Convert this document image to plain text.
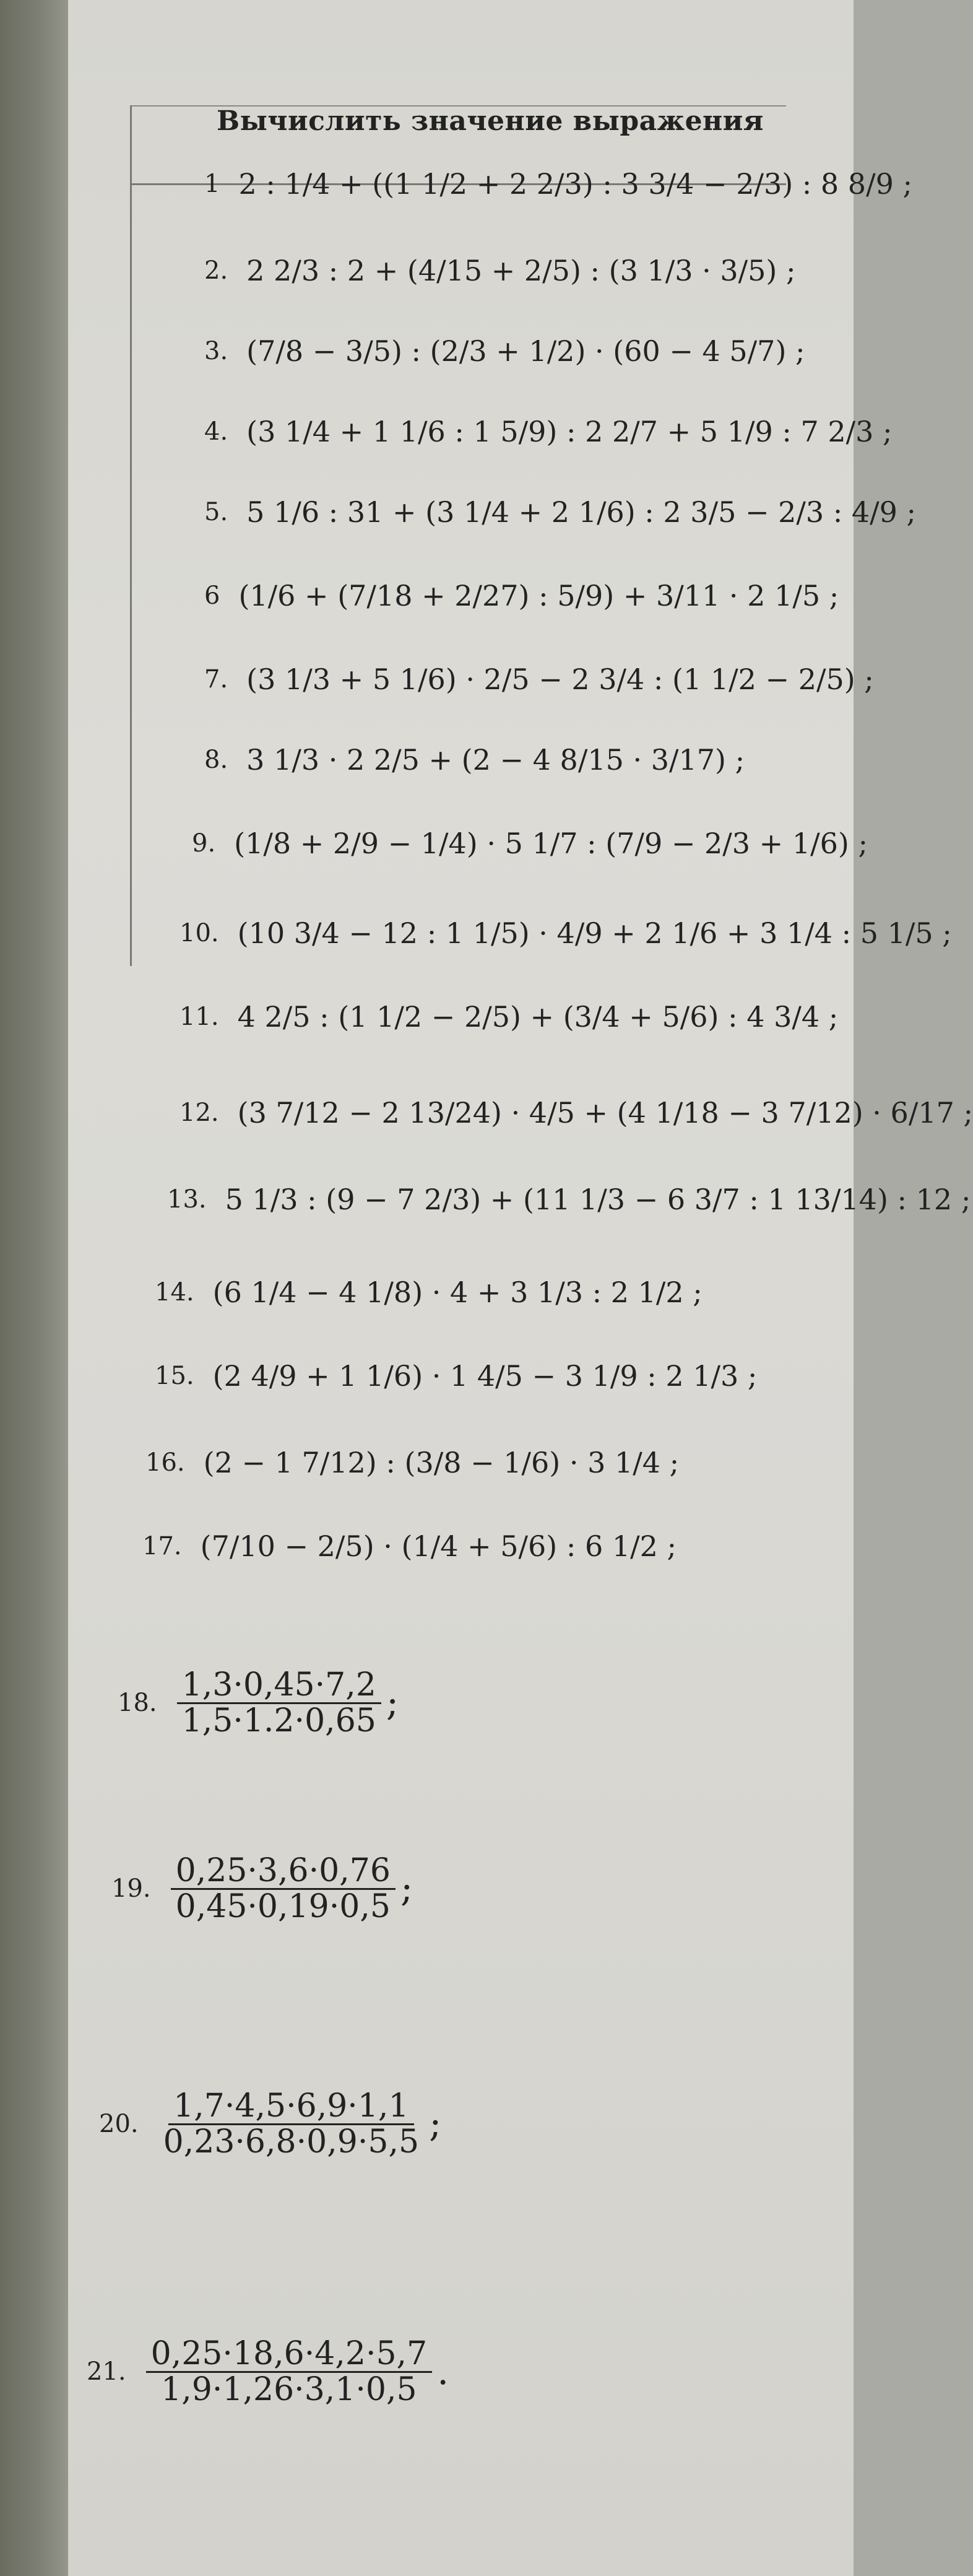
Вычислить значение выражения
1 2 : 1/4 + ((1 1/2 + 2 2/3) : 3 3/4 − 2/3) : 8 8/9 ;
2. 2 2/3 : 2 + (4/15 + 2/5) : (3 1/3 · 3/5) ;
3. (7/8 − 3/5) : (2/3 + 1/2) · (60 − 4 5/7) ;
4. (3 1/4 + 1 1/6 : 1 5/9) : 2 2/7 + 5 1/9 : 7 2/3 ;
5. 5 1/6 : 31 + (3 1/4 + 2 1/6) : 2 3/5 − 2/3 : 4/9 ;
6 (1/6 + (7/18 + 2/27) : 5/9) + 3/11 · 2 1/5 ;
7. (3 1/3 + 5 1/6) · 2/5 − 2 3/4 : (1 1/2 − 2/5) ;
8. 3 1/3 · 2 2/5 + (2 − 4 8/15 · 3/17) ;
9. (1/8 + 2/9 − 1/4) · 5 1/7 : (7/9 − 2/3 + 1/6) ;
10. (10 3/4 − 12 : 1 1/5) · 4/9 + 2 1/6 + 3 1/4 : 5 1/5 ;
11. 4 2/5 : (1 1/2 − 2/5) + (3/4 + 5/6) : 4 3/4 ;
12. (3 7/12 − 2 13/24) · 4/5 + (4 1/18 − 3 7/12) · 6/17 ;
13. 5 1/3 : (9 − 7 2/3) + (11 1/3 − 6 3/7 : 1 13/14) : 12 ;
14. (6 1/4 − 4 1/8) · 4 + 3 1/3 : 2 1/2 ;
15. (2 4/9 + 1 1/6) · 1 4/5 − 3 1/9 : 2 1/3 ;
16. (2 − 1 7/12) : (3/8 − 1/6) · 3 1/4 ;
17. (7/10 − 2/5) · (1/4 + 5/6) : 6 1/2 ;
18. $\frac{1,3\cdot 0,45\cdot 7,2}{1,5\cdot 1.2\cdot 0,65}$ ;
19. $\frac{0,25\cdot 3,6\cdot 0,76}{0,45\cdot 0,19\cdot 0,5}$ ;
20. $\frac{1,7\cdot 4,5\cdot 6,9\cdot 1,1}{0,23\cdot 6,8\cdot 0,9\cdot 5,5}$ ;
21. $\frac{0,25\cdot 18,6\cdot 4,2\cdot 5,7}{1,9\cdot 1,26\cdot 3,1\cdot 0,5}$ .
